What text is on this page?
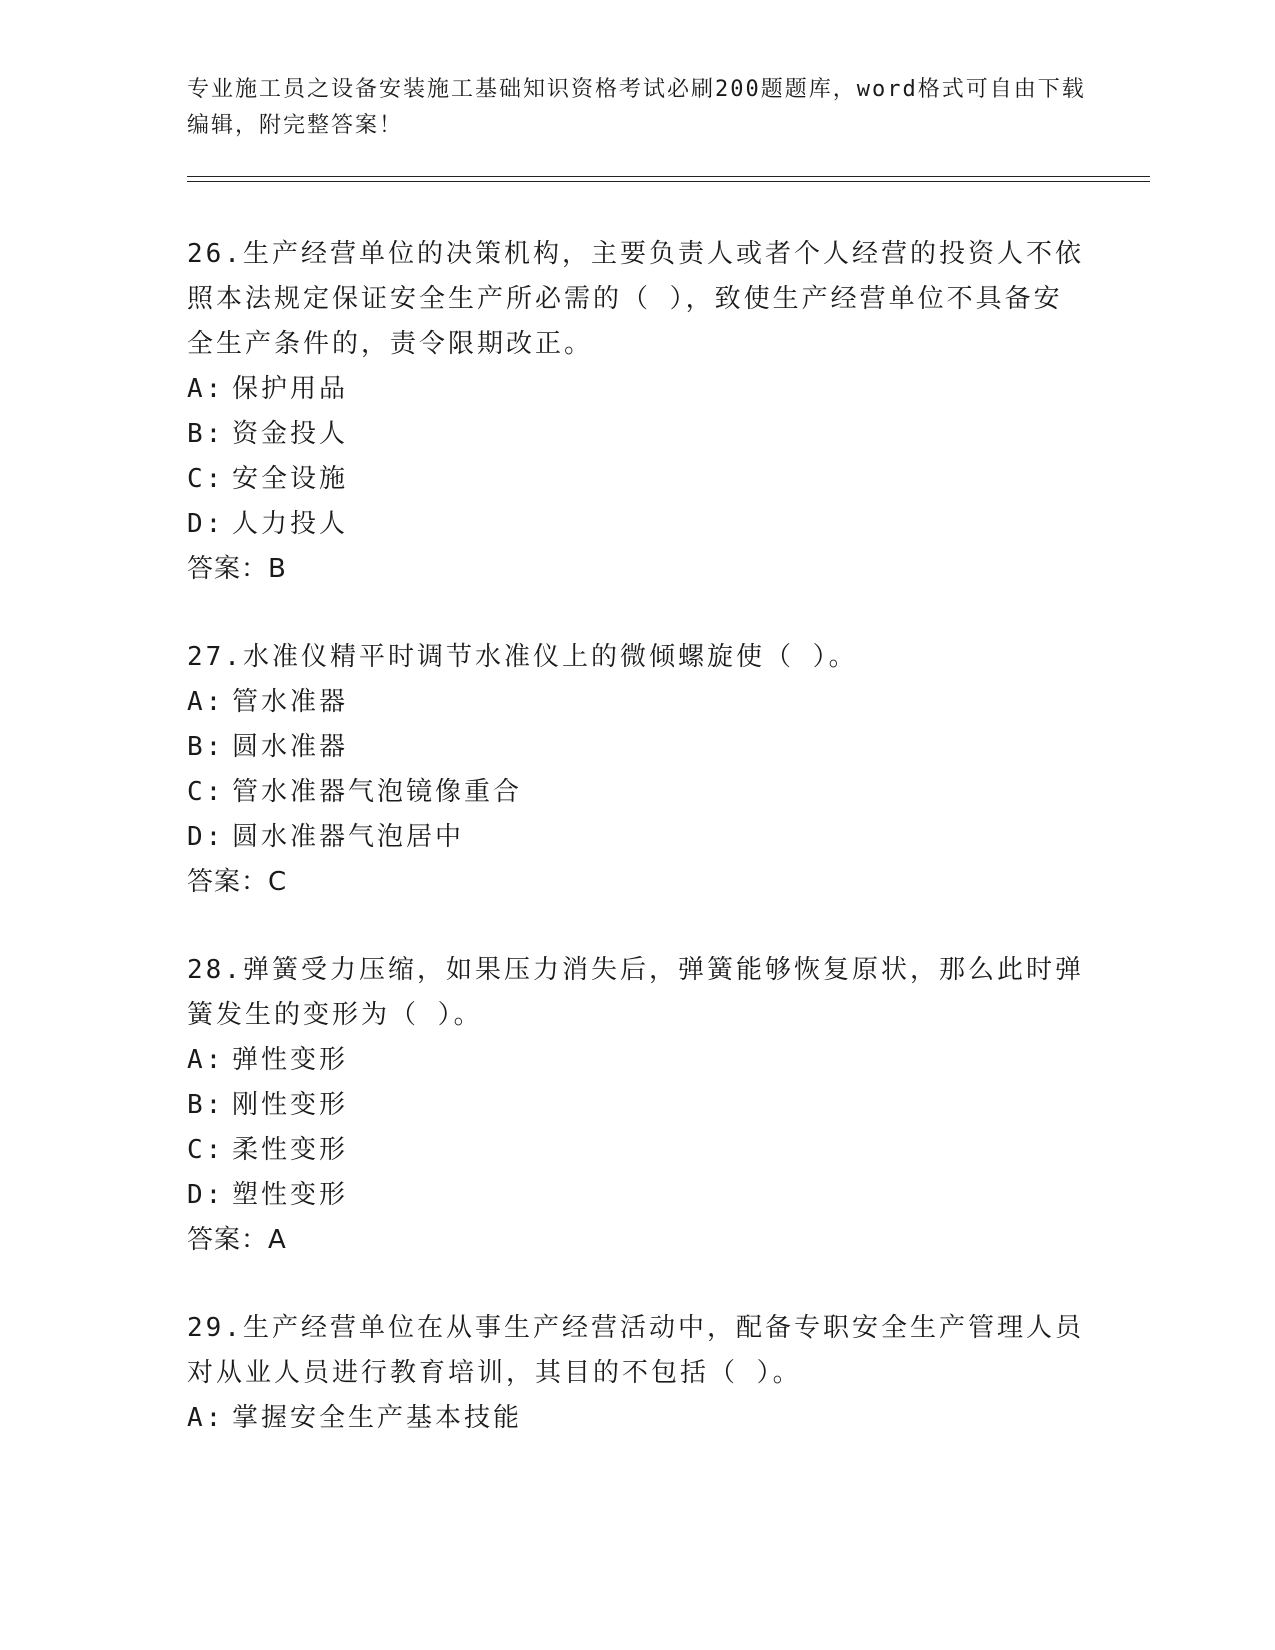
专业施工员之设备安装施工基础知识资格考试必刷200题题库，word格式可自由下载编辑，附完整答案！

26.生产经营单位的决策机构，主要负责人或者个人经营的投资人不依照本法规定保证安全生产所必需的（ ），致使生产经营单位不具备安全生产条件的，责令限期改正。

A: 保护用品

B: 资金投人

C: 安全设施

D: 人力投人

答案：B

27.水准仪精平时调节水准仪上的微倾螺旋使（ ）。

A: 管水准器

B: 圆水准器

C: 管水准器气泡镜像重合

D: 圆水准器气泡居中

答案：C

28.弹簧受力压缩，如果压力消失后，弹簧能够恢复原状，那么此时弹簧发生的变形为（ ）。

A: 弹性变形

B: 刚性变形

C: 柔性变形

D: 塑性变形

答案：A

29.生产经营单位在从事生产经营活动中，配备专职安全生产管理人员对从业人员进行教育培训，其目的不包括（ ）。

A: 掌握安全生产基本技能
